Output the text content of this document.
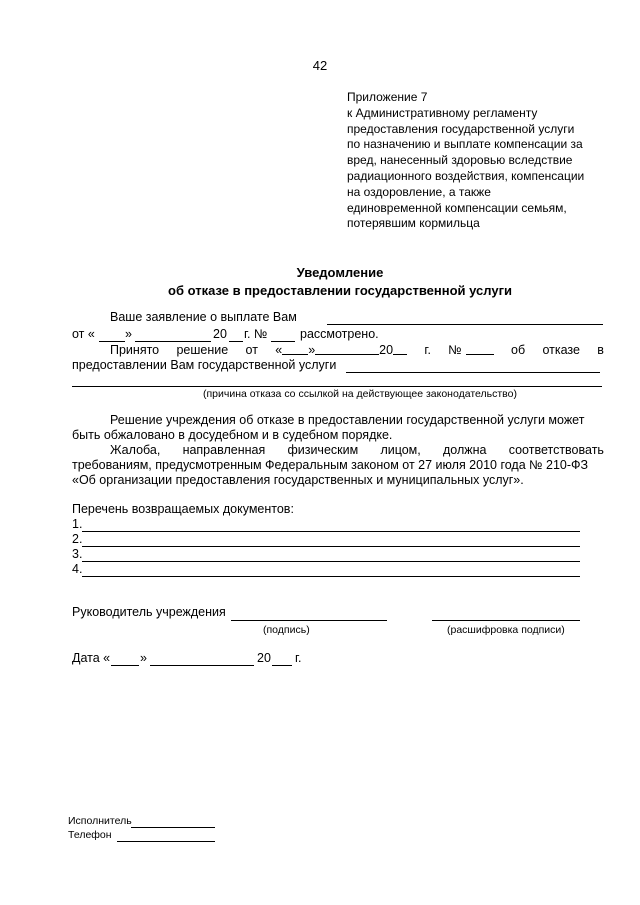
42
Приложение 7
к Административному регламенту
предоставления государственной услуги
по назначению и выплате компенсации за
вред, нанесенный здоровью вследствие
радиационного воздействия, компенсации
на оздоровление, а также
единовременной компенсации семьям,
потерявшим кормильца
Уведомление
об отказе в предоставлении государственной услуги
Ваше заявление о выплате Вам
от « »	20 г. №	рассмотрено.
Принято решение от « »	20	г. №	об отказе в
предоставлении Вам государственной услуги
(причина отказа со ссылкой на действующее законодательство)
Решение учреждения об отказе в предоставлении государственной услуги может
быть обжаловано в досудебном и в судебном порядке.
Жалоба, направленная физическим лицом, должна соответствовать
требованиям, предусмотренным Федеральным законом от 27 июля 2010 года № 210-ФЗ
«Об организации предоставления государственных и муниципальных услуг».
Перечень возвращаемых документов:
1.
2.
3.
4.
Руководитель учреждения
(подпись)	(расшифровка подписи)
Дата « »	20 г.
Исполнитель
Телефон
